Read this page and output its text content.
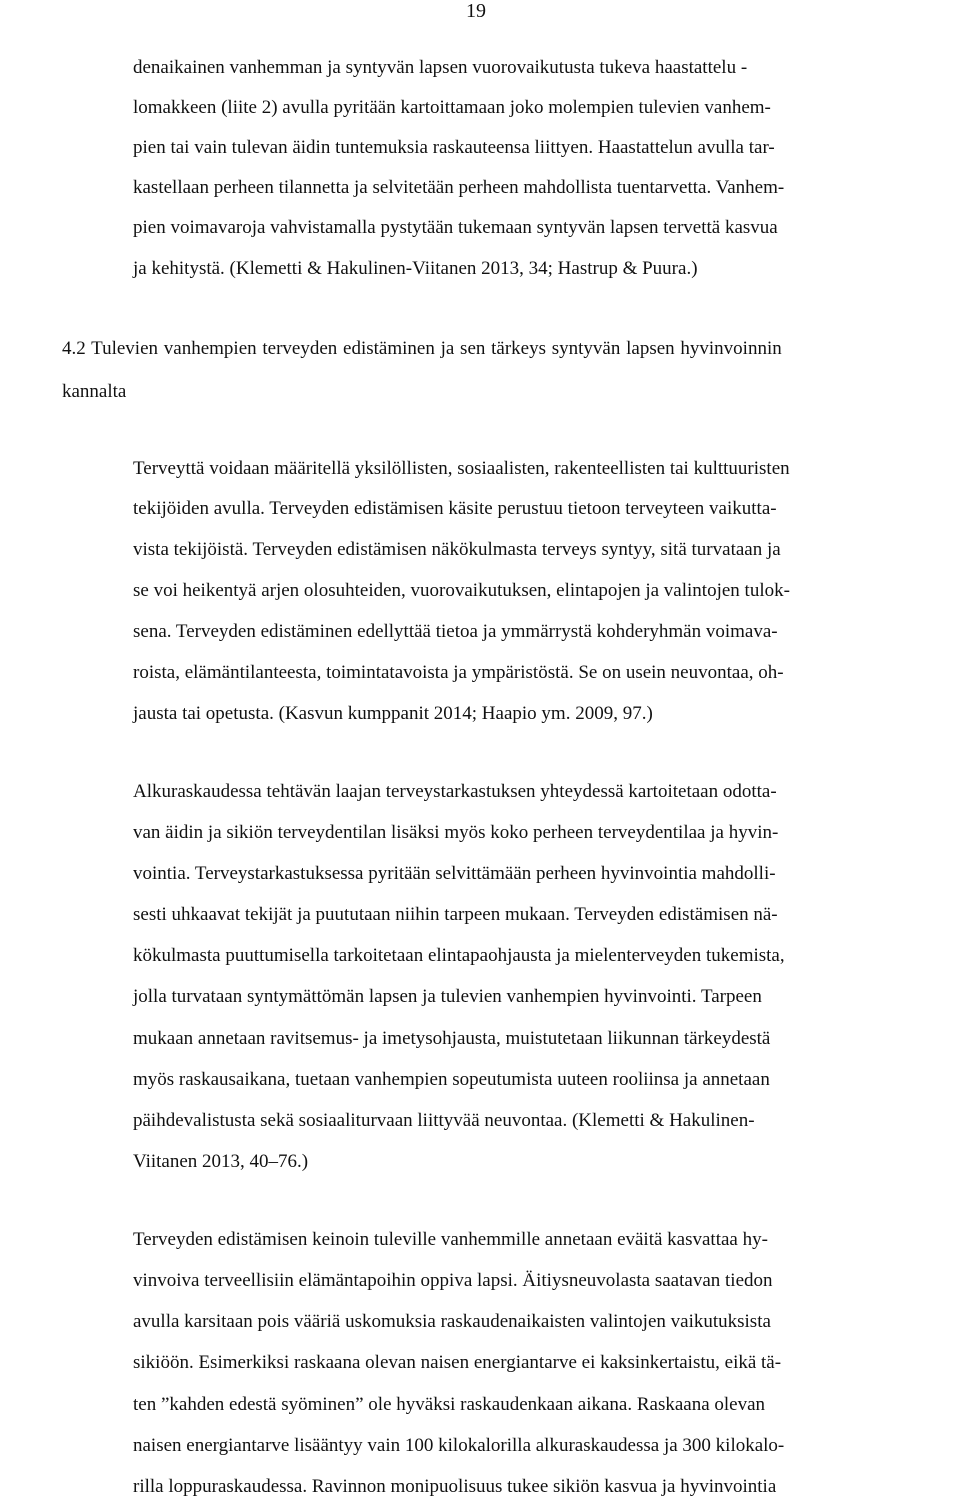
19
denaikainen vanhemman ja syntyvän lapsen vuorovaikutusta tukeva haastattelu -
lomakkeen (liite 2) avulla pyritään kartoittamaan joko molempien tulevien vanhem-
pien tai vain tulevan äidin tuntemuksia raskauteensa liittyen. Haastattelun avulla tar-
kastellaan perheen tilannetta ja selvitetään perheen mahdollista tuentarvetta. Vanhem-
pien voimavaroja vahvistamalla pystytään tukemaan syntyvän lapsen tervettä kasvua
ja kehitystä. (Klemetti & Hakulinen-Viitanen 2013, 34; Hastrup & Puura.)
4.2 Tulevien vanhempien terveyden edistäminen ja sen tärkeys syntyvän lapsen hyvinvoinnin
kannalta
Terveyttä voidaan määritellä yksilöllisten, sosiaalisten, rakenteellisten tai kulttuuristen
tekijöiden avulla. Terveyden edistämisen käsite perustuu tietoon terveyteen vaikutta-
vista tekijöistä. Terveyden edistämisen näkökulmasta terveys syntyy, sitä turvataan ja
se voi heikentyä arjen olosuhteiden, vuorovaikutuksen, elintapojen ja valintojen tulok-
sena. Terveyden edistäminen edellyttää tietoa ja ymmärrystä kohderyhmän voimava-
roista, elämäntilanteesta, toimintatavoista ja ympäristöstä. Se on usein neuvontaa, oh-
jausta tai opetusta. (Kasvun kumppanit 2014; Haapio ym. 2009, 97.)
Alkuraskaudessa tehtävän laajan terveystarkastuksen yhteydessä kartoitetaan odotta-
van äidin ja sikiön terveydentilan lisäksi myös koko perheen terveydentilaa ja hyvin-
vointia. Terveystarkastuksessa pyritään selvittämään perheen hyvinvointia mahdolli-
sesti uhkaavat tekijät ja puututaan niihin tarpeen mukaan. Terveyden edistämisen nä-
kökulmasta puuttumisella tarkoitetaan elintapaohjausta ja mielenterveyden tukemista,
jolla turvataan syntymättömän lapsen ja tulevien vanhempien hyvinvointi. Tarpeen
mukaan annetaan ravitsemus- ja imetysohjausta, muistutetaan liikunnan tärkeydestä
myös raskausaikana, tuetaan vanhempien sopeutumista uuteen rooliinsa ja annetaan
päihdevalistusta sekä sosiaaliturvaan liittyvää neuvontaa. (Klemetti & Hakulinen-
Viitanen 2013, 40–76.)
Terveyden edistämisen keinoin tuleville vanhemmille annetaan eväitä kasvattaa hy-
vinvoiva terveellisiin elämäntapoihin oppiva lapsi. Äitiysneuvolasta saatavan tiedon
avulla karsitaan pois vääriä uskomuksia raskaudenaikaisten valintojen vaikutuksista
sikiöön. Esimerkiksi raskaana olevan naisen energiantarve ei kaksinkertaistu, eikä tä-
ten ”kahden edestä syöminen” ole hyväksi raskaudenkaan aikana. Raskaana olevan
naisen energiantarve lisääntyy vain 100 kilokalorilla alkuraskaudessa ja 300 kilokalo-
rilla loppuraskaudessa. Ravinnon monipuolisuus tukee sikiön kasvua ja hyvinvointia
